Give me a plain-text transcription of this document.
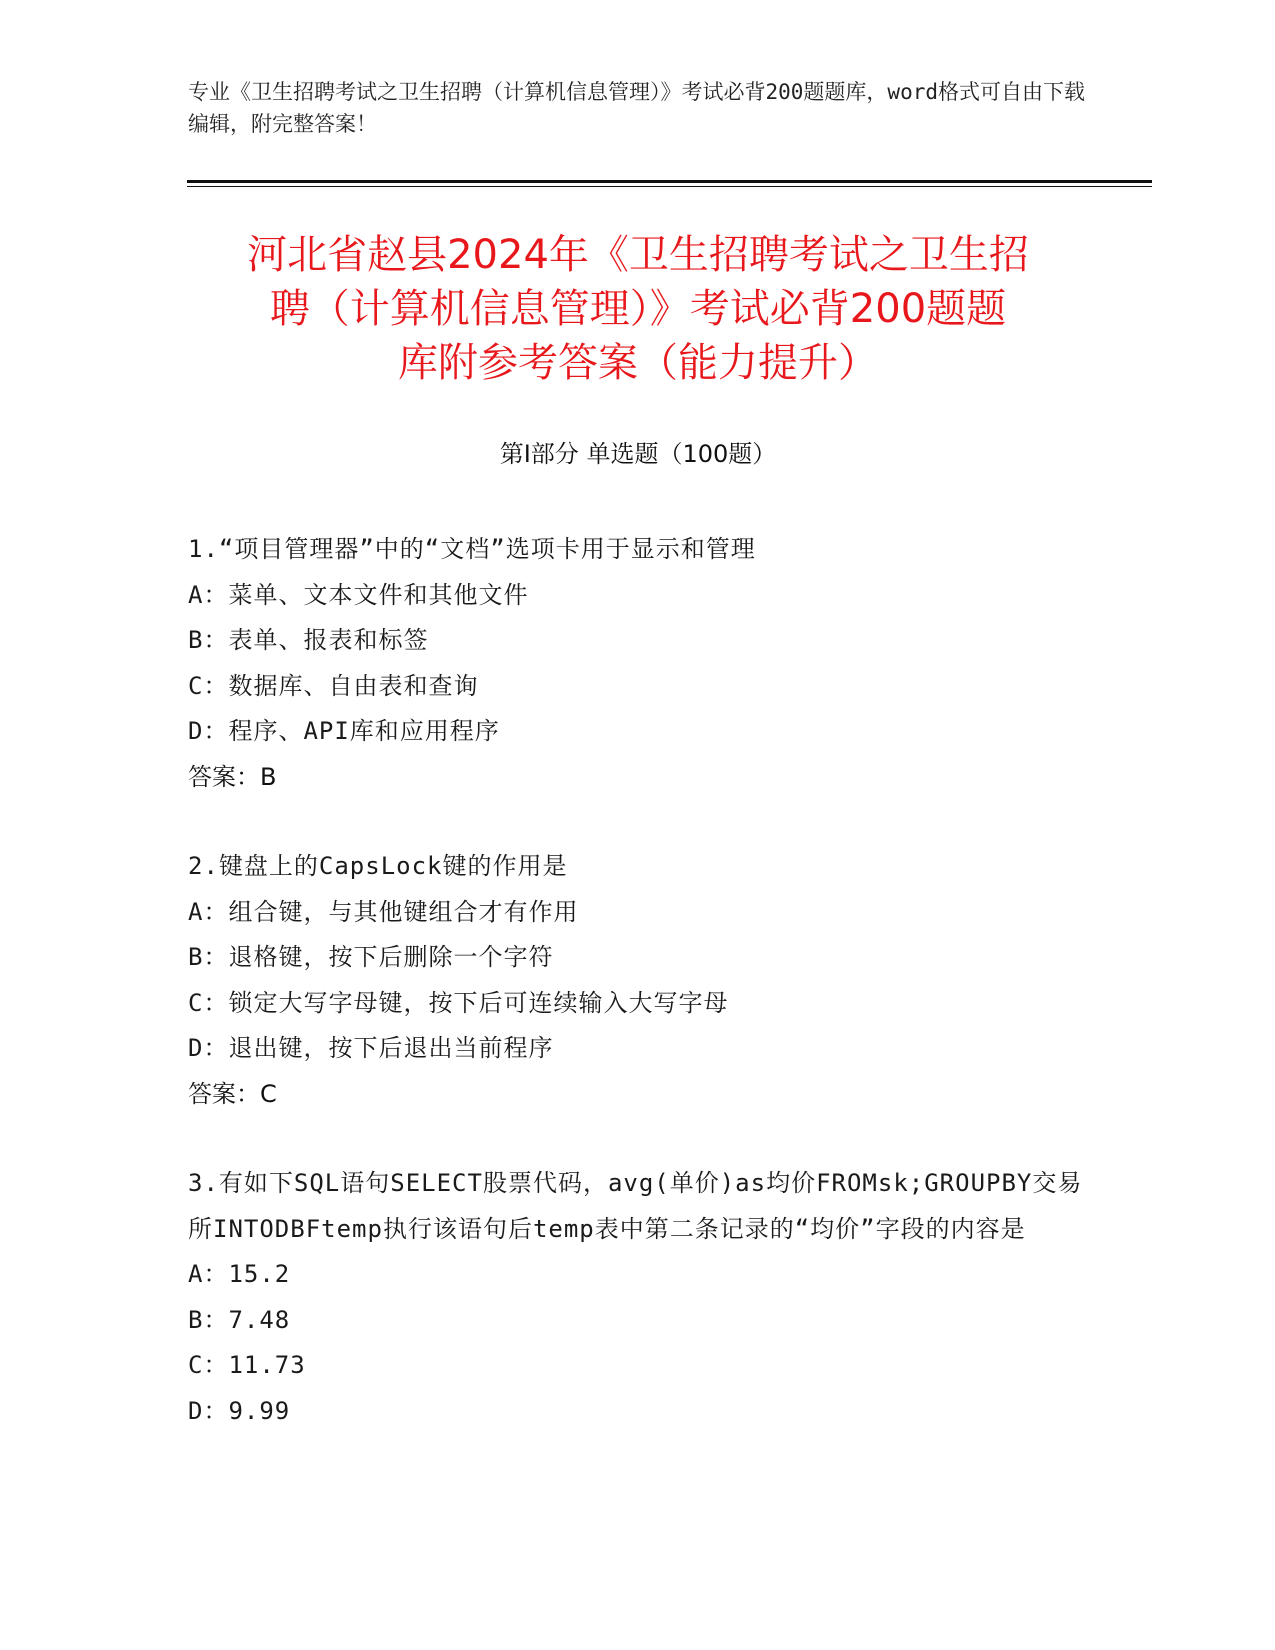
专业《卫生招聘考试之卫生招聘（计算机信息管理）》考试必背200题题库，word格式可自由下载编辑，附完整答案！
河北省赵县2024年《卫生招聘考试之卫生招
聘（计算机信息管理）》考试必背200题题
库附参考答案（能力提升）
第Ⅰ部分 单选题（100题）
1.“项目管理器”中的“文档”选项卡用于显示和管理
A：菜单、文本文件和其他文件
B：表单、报表和标签
C：数据库、自由表和查询
D：程序、API库和应用程序
答案：B
2.键盘上的CapsLock键的作用是
A：组合键，与其他键组合才有作用
B：退格键，按下后删除一个字符
C：锁定大写字母键，按下后可连续输入大写字母
D：退出键，按下后退出当前程序
答案：C
3.有如下SQL语句SELECT股票代码，avg(单价)as均价FROMsk;GROUPBY交易所INTODBFtemp执行该语句后temp表中第二条记录的“均价”字段的内容是
A：15.2
B：7.48
C：11.73
D：9.99
